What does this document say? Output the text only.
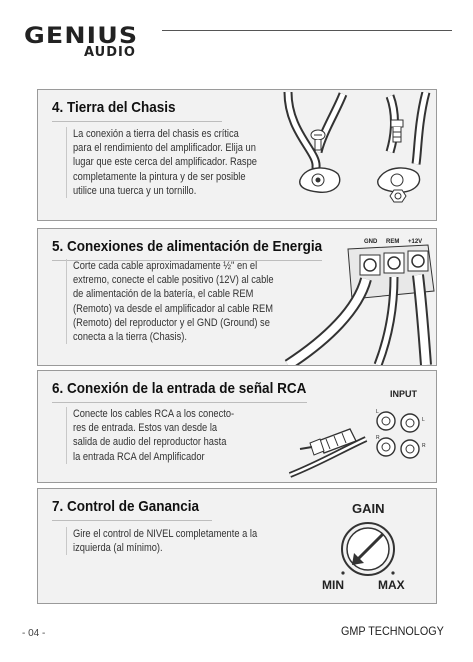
GENIUS
AUDIO
4. Tierra del Chasis
La conexión a tierra del chasis es crítica
para el rendimiento del amplificador. Elija un
lugar que este cerca del amplificador. Raspe
completamente la pintura y de ser posible
utilice una tuerca y un tornillo.
5. Conexiones de alimentación de Energia
Corte cada cable aproximadamente ½" en el
extremo, conecte el cable positivo (12V) al cable
de alimentación de la batería, el cable REM
(Remoto) va desde el amplificador al cable REM
(Remoto) del reproductor y el GND (Ground) se
conecta a la tierra (Chasis).
GND REM +12V
6. Conexión de la entrada de señal RCA
Conecte los cables RCA a los conecto-
res de entrada. Estos van desde la
salida de audio del reproductor hasta
la entrada RCA del Amplificador
INPUT
L
R
L
R
7. Control de Ganancia
Gire el control de NIVEL completamente a la
izquierda (al mínimo).
GAIN
MIN	MAX
- 04 -	GMP TECHNOLOGY
